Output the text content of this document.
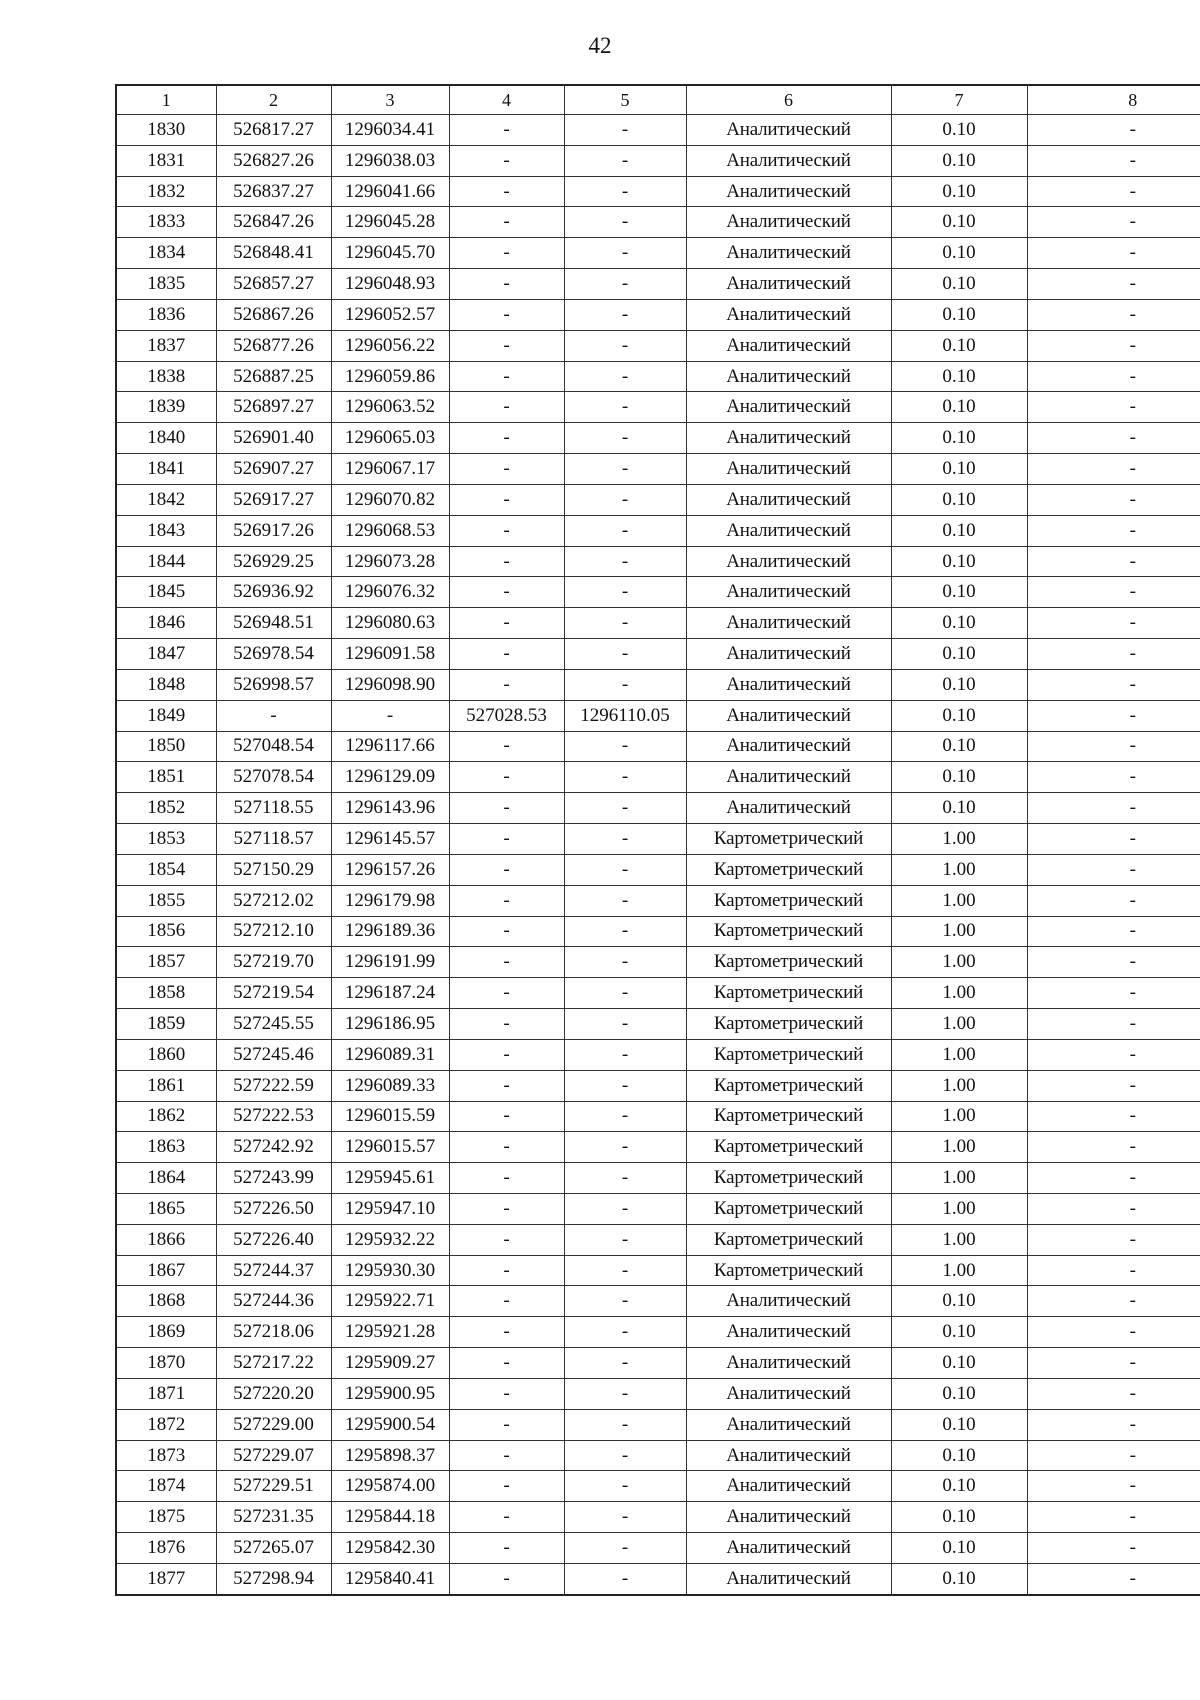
42
1	2	3	4	5	6	7	8
1830	526817.27	1296034.41	-	-	Аналитический	0.10	-
1831	526827.26	1296038.03	-	-	Аналитический	0.10	-
1832	526837.27	1296041.66	-	-	Аналитический	0.10	-
1833	526847.26	1296045.28	-	-	Аналитический	0.10	-
1834	526848.41	1296045.70	-	-	Аналитический	0.10	-
1835	526857.27	1296048.93	-	-	Аналитический	0.10	-
1836	526867.26	1296052.57	-	-	Аналитический	0.10	-
1837	526877.26	1296056.22	-	-	Аналитический	0.10	-
1838	526887.25	1296059.86	-	-	Аналитический	0.10	-
1839	526897.27	1296063.52	-	-	Аналитический	0.10	-
1840	526901.40	1296065.03	-	-	Аналитический	0.10	-
1841	526907.27	1296067.17	-	-	Аналитический	0.10	-
1842	526917.27	1296070.82	-	-	Аналитический	0.10	-
1843	526917.26	1296068.53	-	-	Аналитический	0.10	-
1844	526929.25	1296073.28	-	-	Аналитический	0.10	-
1845	526936.92	1296076.32	-	-	Аналитический	0.10	-
1846	526948.51	1296080.63	-	-	Аналитический	0.10	-
1847	526978.54	1296091.58	-	-	Аналитический	0.10	-
1848	526998.57	1296098.90	-	-	Аналитический	0.10	-
1849	-	-	527028.53	1296110.05	Аналитический	0.10	-
1850	527048.54	1296117.66	-	-	Аналитический	0.10	-
1851	527078.54	1296129.09	-	-	Аналитический	0.10	-
1852	527118.55	1296143.96	-	-	Аналитический	0.10	-
1853	527118.57	1296145.57	-	-	Картометрический	1.00	-
1854	527150.29	1296157.26	-	-	Картометрический	1.00	-
1855	527212.02	1296179.98	-	-	Картометрический	1.00	-
1856	527212.10	1296189.36	-	-	Картометрический	1.00	-
1857	527219.70	1296191.99	-	-	Картометрический	1.00	-
1858	527219.54	1296187.24	-	-	Картометрический	1.00	-
1859	527245.55	1296186.95	-	-	Картометрический	1.00	-
1860	527245.46	1296089.31	-	-	Картометрический	1.00	-
1861	527222.59	1296089.33	-	-	Картометрический	1.00	-
1862	527222.53	1296015.59	-	-	Картометрический	1.00	-
1863	527242.92	1296015.57	-	-	Картометрический	1.00	-
1864	527243.99	1295945.61	-	-	Картометрический	1.00	-
1865	527226.50	1295947.10	-	-	Картометрический	1.00	-
1866	527226.40	1295932.22	-	-	Картометрический	1.00	-
1867	527244.37	1295930.30	-	-	Картометрический	1.00	-
1868	527244.36	1295922.71	-	-	Аналитический	0.10	-
1869	527218.06	1295921.28	-	-	Аналитический	0.10	-
1870	527217.22	1295909.27	-	-	Аналитический	0.10	-
1871	527220.20	1295900.95	-	-	Аналитический	0.10	-
1872	527229.00	1295900.54	-	-	Аналитический	0.10	-
1873	527229.07	1295898.37	-	-	Аналитический	0.10	-
1874	527229.51	1295874.00	-	-	Аналитический	0.10	-
1875	527231.35	1295844.18	-	-	Аналитический	0.10	-
1876	527265.07	1295842.30	-	-	Аналитический	0.10	-
1877	527298.94	1295840.41	-	-	Аналитический	0.10	-
